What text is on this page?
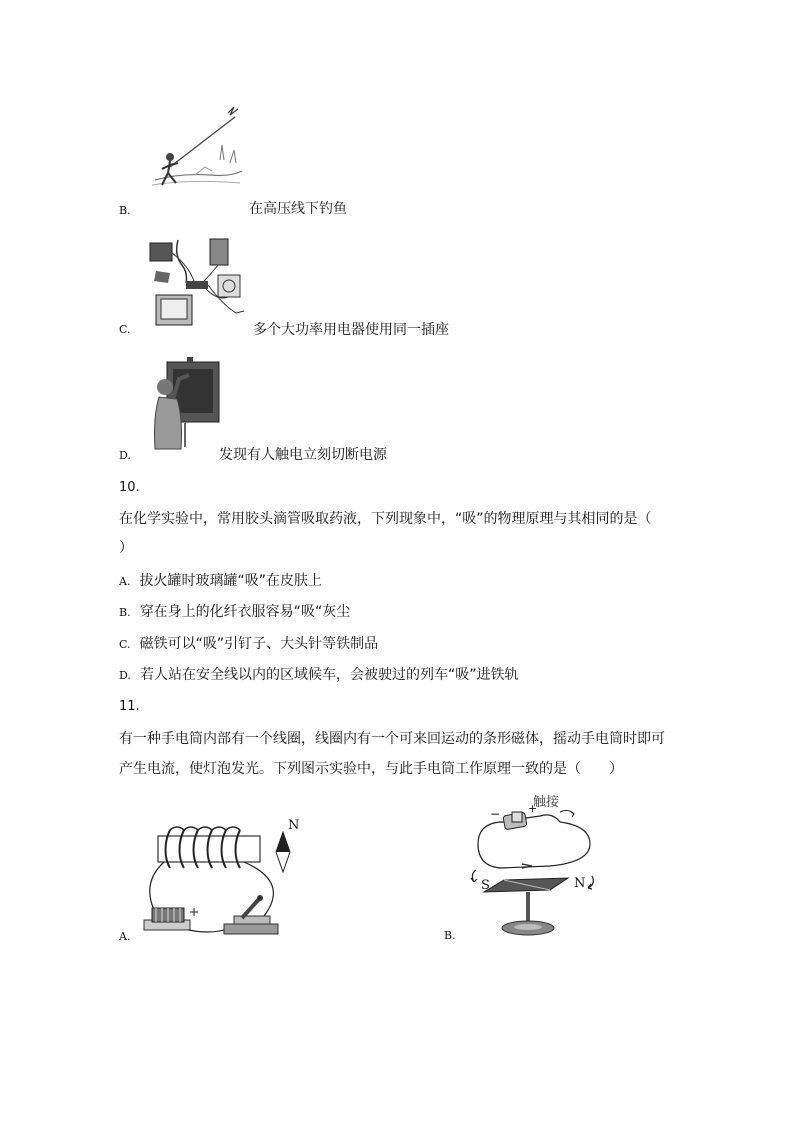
B.	在高压线下钓鱼
C.	多个大功率用电器使用同一插座
D.	发现有人触电立刻切断电源
10.
在化学实验中，常用胶头滴管吸取药液，下列现象中，“吸”的物理原理与其相同的是（
）
A. 拔火罐时玻璃罐“吸”在皮肤上
B. 穿在身上的化纤衣服容易“吸“灰尘
C. 磁铁可以“吸”引钉子、大头针等铁制品
D. 若人站在安全线以内的区域候车，会被驶过的列车“吸”进铁轨
11.
有一种手电筒内部有一个线圈，线圈内有一个可来回运动的条形磁体，摇动手电筒时即可
产生电流，使灯泡发光。下列图示实验中，与此手电筒工作原理一致的是（　　）
N
A.
触接
−	+
S	N
B.
